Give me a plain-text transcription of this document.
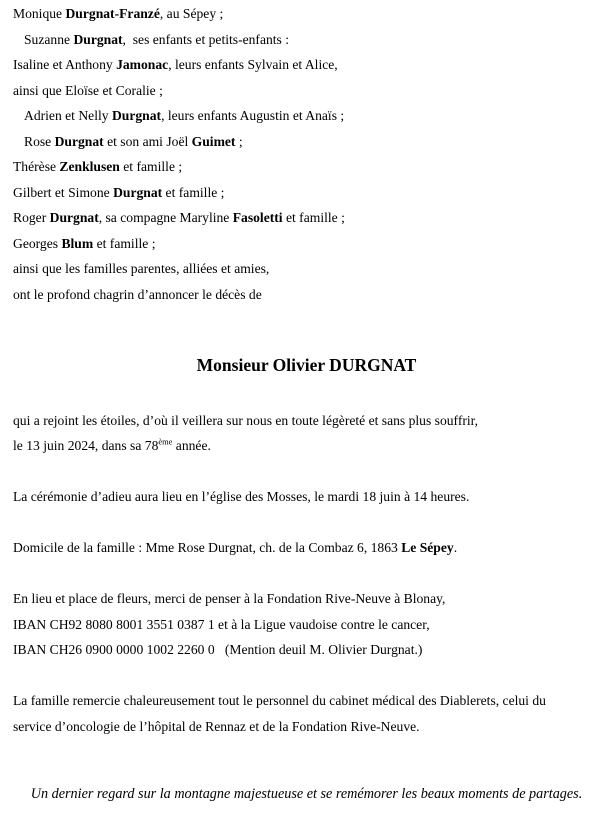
Monique Durgnat-Franzé, au Sépey ;
Suzanne Durgnat,  ses enfants et petits-enfants :
Isaline et Anthony Jamonac, leurs enfants Sylvain et Alice,
ainsi que Eloïse et Coralie ;
Adrien et Nelly Durgnat, leurs enfants Augustin et Anaïs ;
Rose Durgnat et son ami Joël Guimet ;
Thérèse Zenklusen et famille ;
Gilbert et Simone Durgnat et famille ;
Roger Durgnat, sa compagne Maryline Fasoletti et famille ;
Georges Blum et famille ;
ainsi que les familles parentes, alliées et amies,
ont le profond chagrin d’annoncer le décès de
Monsieur Olivier DURGNAT
qui a rejoint les étoiles, d’où il veillera sur nous en toute légèreté et sans plus souffrir,
le 13 juin 2024, dans sa 78ème année.
La cérémonie d’adieu aura lieu en l’église des Mosses, le mardi 18 juin à 14 heures.
Domicile de la famille : Mme Rose Durgnat, ch. de la Combaz 6, 1863 Le Sépey.
En lieu et place de fleurs, merci de penser à la Fondation Rive-Neuve à Blonay,
IBAN CH92 8080 8001 3551 0387 1 et à la Ligue vaudoise contre le cancer,
IBAN CH26 0900 0000 1002 2260 0   (Mention deuil M. Olivier Durgnat.)
La famille remercie chaleureusement tout le personnel du cabinet médical des Diablerets, celui du
service d’oncologie de l’hôpital de Rennaz et de la Fondation Rive-Neuve.
Un dernier regard sur la montagne majestueuse et se remémorer les beaux moments de partages.
